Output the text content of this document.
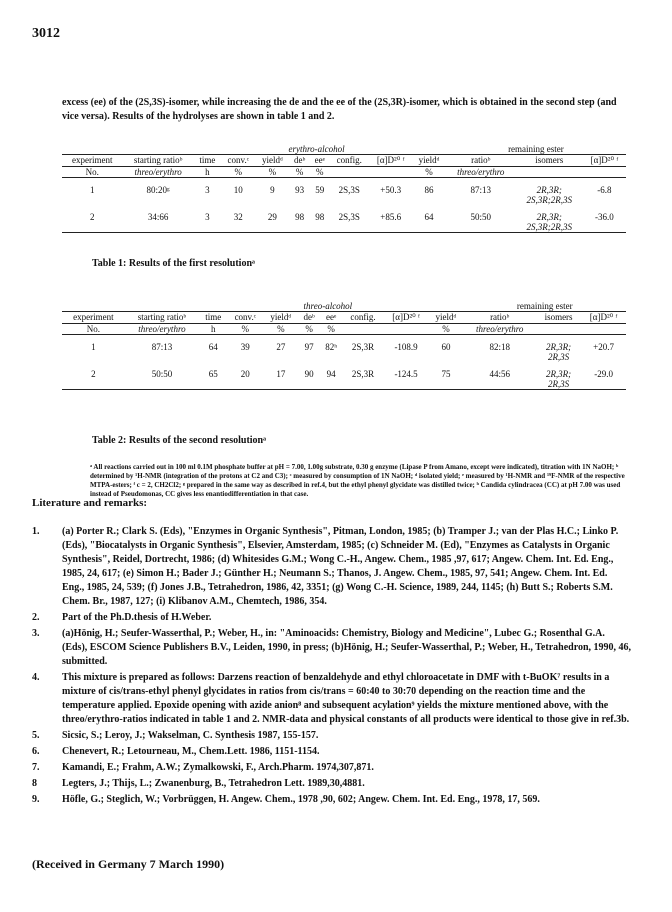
3012

excess (ee) of the (2S,3S)-isomer, while increasing the de and the ee of the (2S,3R)-isomer, which is obtained in the second step (and vice versa). Results of the hydrolyses are shown in table 1 and 2.

			erythro-alcohol							remaining ester		
experiment	starting ratioᵇ	time	conv.ᶜ	yieldᵈ	deᵇ	eeᵉ	config.	[α]D²⁰ ᶠ	yieldᵈ	ratioᵇ	isomers	[α]D²⁰ ᶠ
No.	threo/erythro	h	%	%	%	%			%	threo/erythro		
1	80:20ᵍ	3	10	9	93	59	2S,3S	+50.3	86	87:13	2R,3R;	-6.8
											2S,3R;2R,3S	
2	34:66	3	32	29	98	98	2S,3S	+85.6	64	50:50	2R,3R;	-36.0
											2S,3R;2R,3S	
Table 1: Results of the first resolutionᵃ
			threo-alcohol							remaining ester		
experiment	starting ratioᵇ	time	conv.ᶜ	yieldᵈ	deᵇ	eeᵉ	config.	[α]D²⁰ ᶠ	yieldᵈ	ratioᵇ	isomers	[α]D²⁰ ᶠ
No.	threo/erythro	h	%	%	%	%			%	threo/erythro		
1	87:13	64	39	27	97	82ʰ	2S,3R	-108.9	60	82:18	2R,3R;	+20.7
											2R,3S	
2	50:50	65	20	17	90	94	2S,3R	-124.5	75	44:56	2R,3R;	-29.0
											2R,3S	
Table 2: Results of the second resolutionᵃ
ᵃ All reactions carried out in 100 ml 0.1M phosphate buffer at pH = 7.00, 1.00g substrate, 0.30 g enzyme (Lipase P from Amano, except were indicated), titration with 1N NaOH; ᵇ determined by ¹H-NMR (integration of the protons at C2 and C3); ᶜ measured by consumption of 1N NaOH; ᵈ isolated yield; ᵉ measured by ¹H-NMR and ¹⁹F-NMR of the respective MTPA-esters; ᶠ c = 2, CH2Cl2; ᵍ prepared in the same way as described in ref.4, but the ethyl phenyl glycidate was distilled twice; ʰ Candida cylindracea (CC) at pH 7.00 was used instead of Pseudomonas, CC gives less enantiodifferentiation in that case.
Literature and remarks:
1.	(a) Porter R.; Clark S. (Eds), "Enzymes in Organic Synthesis", Pitman, London, 1985; (b) Tramper J.; van der Plas H.C.; Linko P. (Eds), "Biocatalysts in Organic Synthesis", Elsevier, Amsterdam, 1985; (c) Schneider M. (Ed), "Enzymes as Catalysts in Organic Synthesis", Reidel, Dortrecht, 1986; (d) Whitesides G.M.; Wong C.-H., Angew. Chem., 1985 ,97, 617; Angew. Chem. Int. Ed. Eng., 1985, 24, 617; (e) Simon H.; Bader J.; Günther H.; Neumann S.; Thanos, J. Angew. Chem., 1985, 97, 541; Angew. Chem. Int. Ed. Eng., 1985, 24, 539; (f) Jones J.B., Tetrahedron, 1986, 42, 3351; (g) Wong C.-H. Science, 1989, 244, 1145; (h) Butt S.; Roberts S.M. Chem. Br., 1987, 127; (i) Klibanov A.M., Chemtech, 1986, 354.
2.	Part of the Ph.D.thesis of H.Weber.
3.	(a)Hönig, H.; Seufer-Wasserthal, P.; Weber, H., in: "Aminoacids: Chemistry, Biology and Medicine", Lubec G.; Rosenthal G.A. (Eds), ESCOM Science Publishers B.V., Leiden, 1990, in press; (b)Hönig, H.; Seufer-Wasserthal, P.; Weber, H., Tetrahedron, 1990, 46, submitted.
4.	This mixture is prepared as follows: Darzens reaction of benzaldehyde and ethyl chloroacetate in DMF with t-BuOK⁷ results in a mixture of cis/trans-ethyl phenyl glycidates in ratios from cis/trans = 60:40 to 30:70 depending on the reaction time and the temperature applied. Epoxide opening with azide anion⁸ and subsequent acylation⁹ yields the mixture mentioned above, with the threo/erythro-ratios indicated in table 1 and 2. NMR-data and physical constants of all products were identical to those give in ref.3b.
5.	Sicsic, S.; Leroy, J.; Wakselman, C. Synthesis 1987, 155-157.
6.	Chenevert, R.; Letourneau, M., Chem.Lett. 1986, 1151-1154.
7.	Kamandi, E.; Frahm, A.W.; Zymalkowski, F., Arch.Pharm. 1974,307,871.
8	Legters, J.; Thijs, L.; Zwanenburg, B., Tetrahedron Lett. 1989,30,4881.
9.	Höfle, G.; Steglich, W.; Vorbrüggen, H. Angew. Chem., 1978 ,90, 602; Angew. Chem. Int. Ed. Eng., 1978, 17, 569.
(Received in Germany 7 March 1990)
